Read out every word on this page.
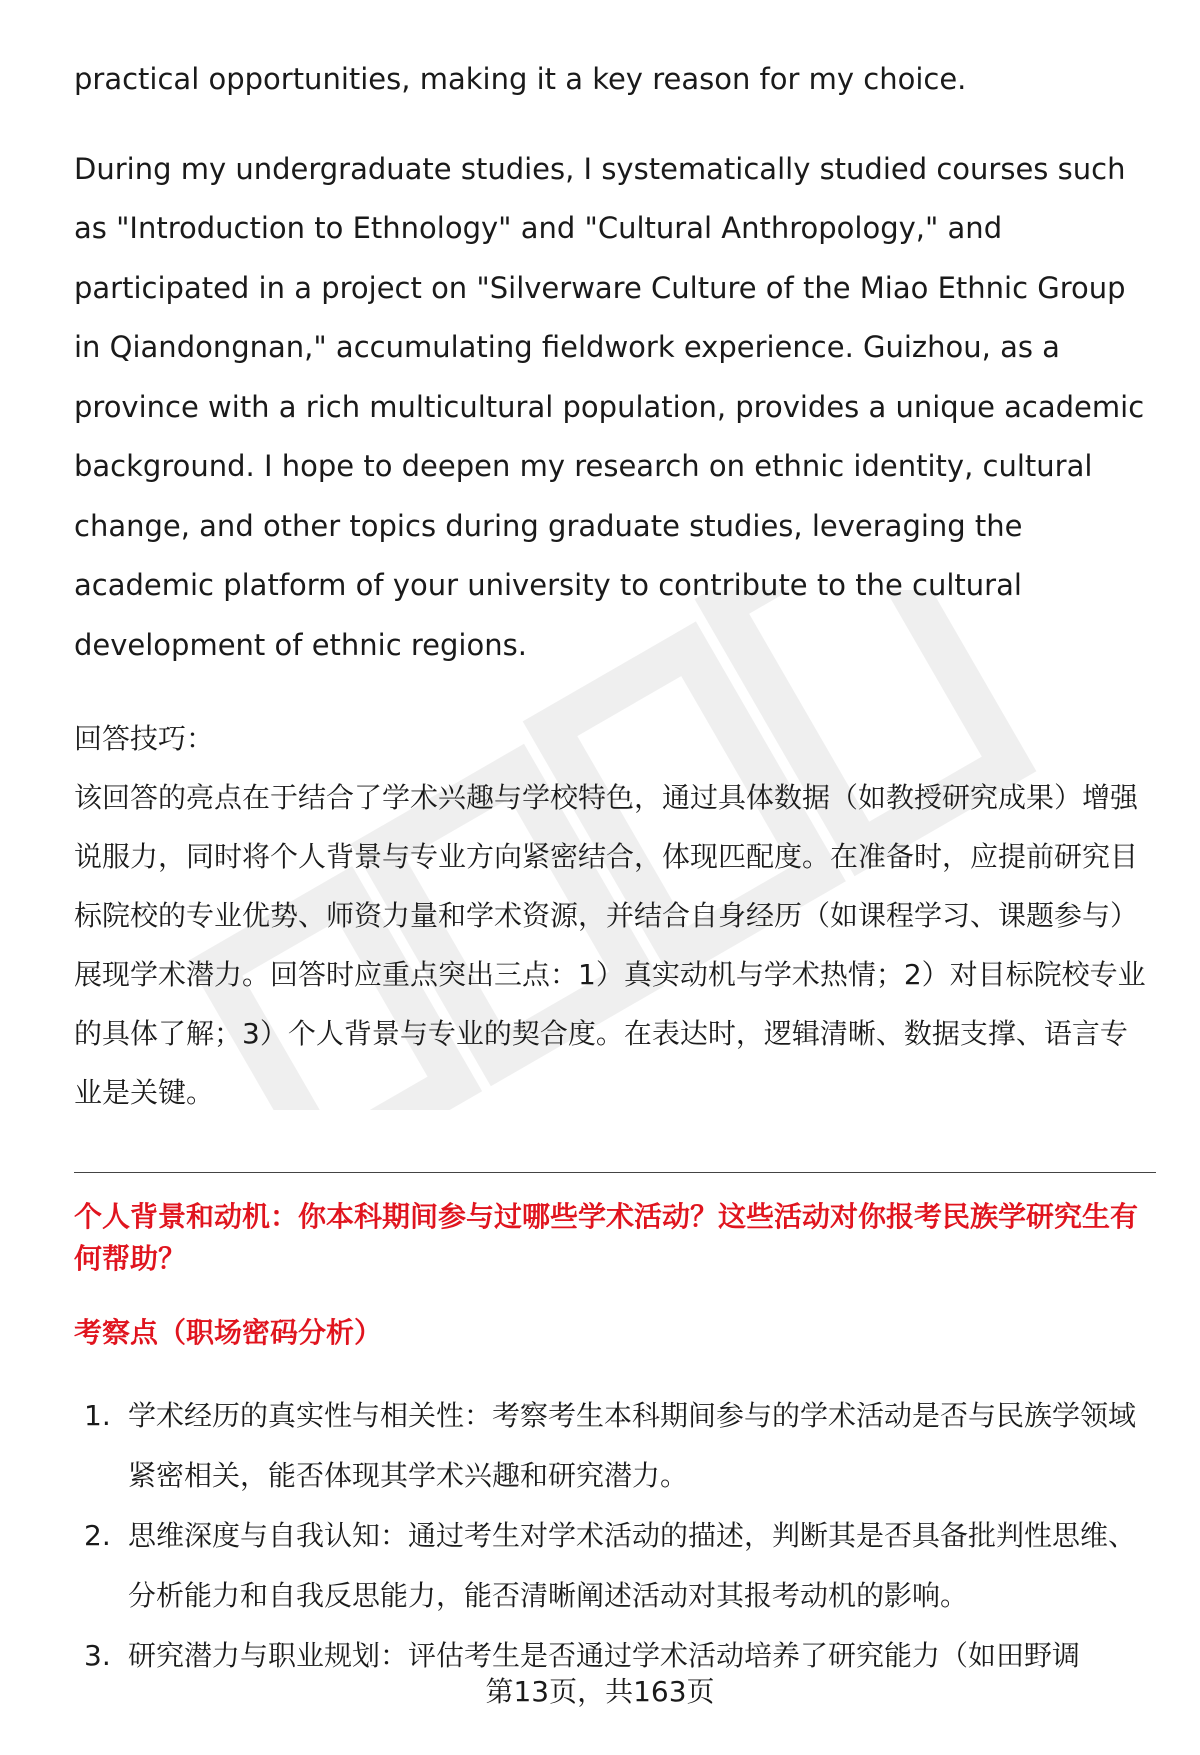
practical opportunities, making it a key reason for my choice.

During my undergraduate studies, I systematically studied courses such as "Introduction to Ethnology" and "Cultural Anthropology," and participated in a project on "Silverware Culture of the Miao Ethnic Group in Qiandongnan," accumulating fieldwork experience. Guizhou, as a province with a rich multicultural population, provides a unique academic background. I hope to deepen my research on ethnic identity, cultural change, and other topics during graduate studies, leveraging the academic platform of your university to contribute to the cultural development of ethnic regions.

回答技巧：

该回答的亮点在于结合了学术兴趣与学校特色，通过具体数据（如教授研究成果）增强说服力，同时将个人背景与专业方向紧密结合，体现匹配度。在准备时，应提前研究目标院校的专业优势、师资力量和学术资源，并结合自身经历（如课程学习、课题参与）展现学术潜力。回答时应重点突出三点：1）真实动机与学术热情；2）对目标院校专业的具体了解；3）个人背景与专业的契合度。在表达时，逻辑清晰、数据支撑、语言专业是关键。

个人背景和动机：你本科期间参与过哪些学术活动？这些活动对你报考民族学研究生有何帮助？

考察点（职场密码分析）

1. 学术经历的真实性与相关性：考察考生本科期间参与的学术活动是否与民族学领域紧密相关，能否体现其学术兴趣和研究潜力。
2. 思维深度与自我认知：通过考生对学术活动的描述，判断其是否具备批判性思维、分析能力和自我反思能力，能否清晰阐述活动对其报考动机的影响。
3. 研究潜力与职业规划：评估考生是否通过学术活动培养了研究能力（如田野调
第13页，共163页
